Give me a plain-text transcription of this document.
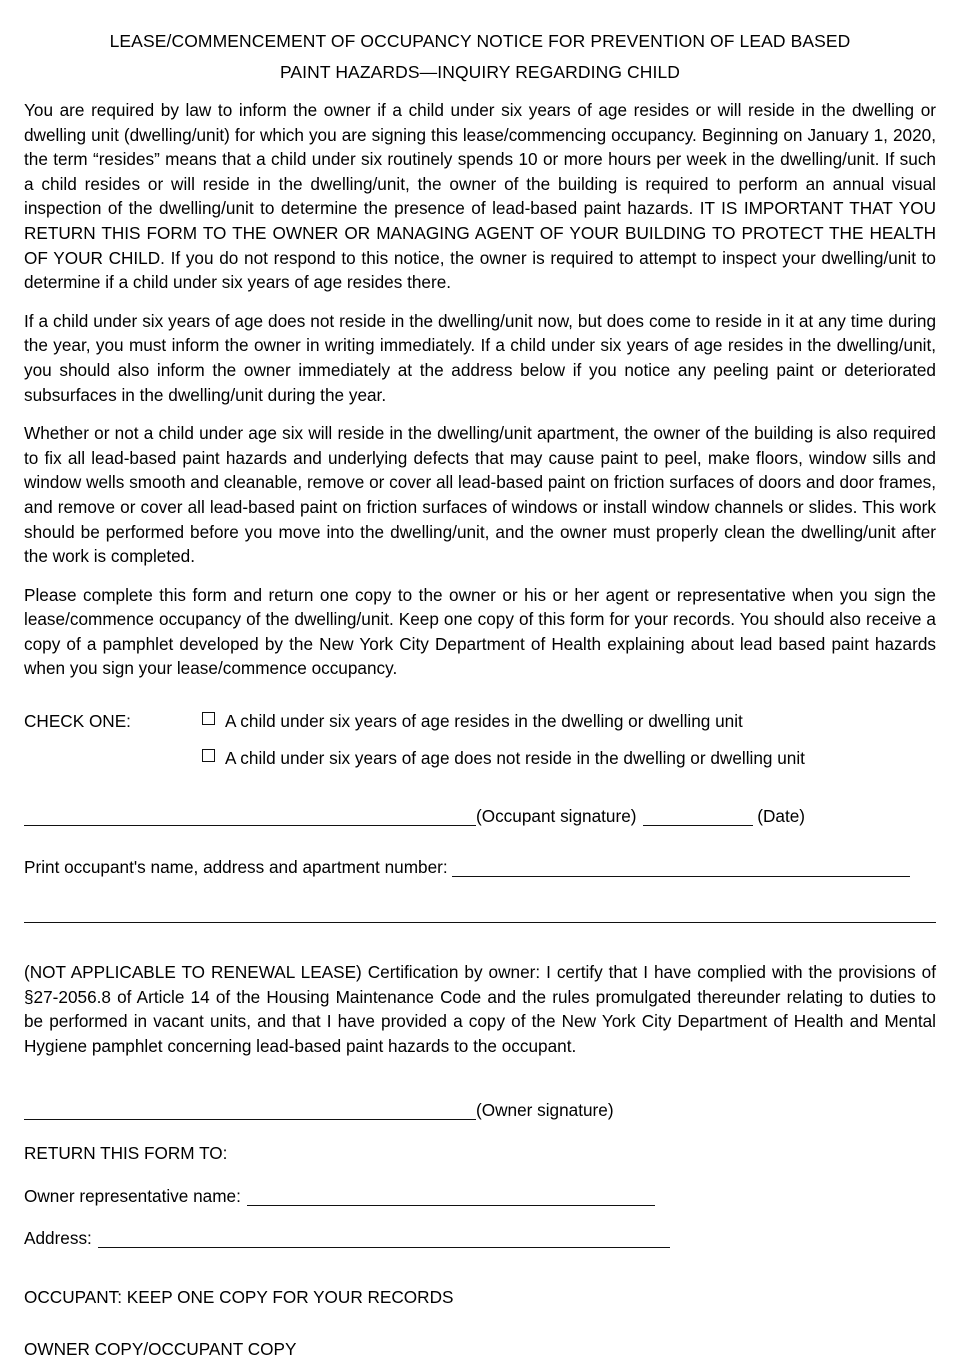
LEASE/COMMENCEMENT OF OCCUPANCY NOTICE FOR PREVENTION OF LEAD BASED
PAINT HAZARDS—INQUIRY REGARDING CHILD

You are required by law to inform the owner if a child under six years of age resides or will reside in the dwelling or dwelling unit (dwelling/unit) for which you are signing this lease/commencing occupancy. Beginning on January 1, 2020, the term “resides” means that a child under six routinely spends 10 or more hours per week in the dwelling/unit. If such a child resides or will reside in the dwelling/unit, the owner of the building is required to perform an annual visual inspection of the dwelling/unit to determine the presence of lead-based paint hazards. IT IS IMPORTANT THAT YOU RETURN THIS FORM TO THE OWNER OR MANAGING AGENT OF YOUR BUILDING TO PROTECT THE HEALTH OF YOUR CHILD. If you do not respond to this notice, the owner is required to attempt to inspect your dwelling/unit to determine if a child under six years of age resides there.

If a child under six years of age does not reside in the dwelling/unit now, but does come to reside in it at any time during the year, you must inform the owner in writing immediately. If a child under six years of age resides in the dwelling/unit, you should also inform the owner immediately at the address below if you notice any peeling paint or deteriorated subsurfaces in the dwelling/unit during the year.

Whether or not a child under age six will reside in the dwelling/unit apartment, the owner of the building is also required to fix all lead-based paint hazards and underlying defects that may cause paint to peel, make floors, window sills and window wells smooth and cleanable, remove or cover all lead-based paint on friction surfaces of doors and door frames, and remove or cover all lead-based paint on friction surfaces of windows or install window channels or slides. This work should be performed before you move into the dwelling/unit, and the owner must properly clean the dwelling/unit after the work is completed.

Please complete this form and return one copy to the owner or his or her agent or representative when you sign the lease/commence occupancy of the dwelling/unit. Keep one copy of this form for your records. You should also receive a copy of a pamphlet developed by the New York City Department of Health explaining about lead based paint hazards when you sign your lease/commence occupancy.

CHECK ONE:	A child under six years of age resides in the dwelling or dwelling unit
A child under six years of age does not reside in the dwelling or dwelling unit
(Occupant signature)	(Date)
Print occupant's name, address and apartment number:

(NOT APPLICABLE TO RENEWAL LEASE) Certification by owner: I certify that I have complied with the provisions of §27-2056.8 of Article 14 of the Housing Maintenance Code and the rules promulgated thereunder relating to duties to be performed in vacant units, and that I have provided a copy of the New York City Department of Health and Mental Hygiene pamphlet concerning lead-based paint hazards to the occupant.

(Owner signature)
RETURN THIS FORM TO:
Owner representative name:
Address:
OCCUPANT: KEEP ONE COPY FOR YOUR RECORDS
OWNER COPY/OCCUPANT COPY
